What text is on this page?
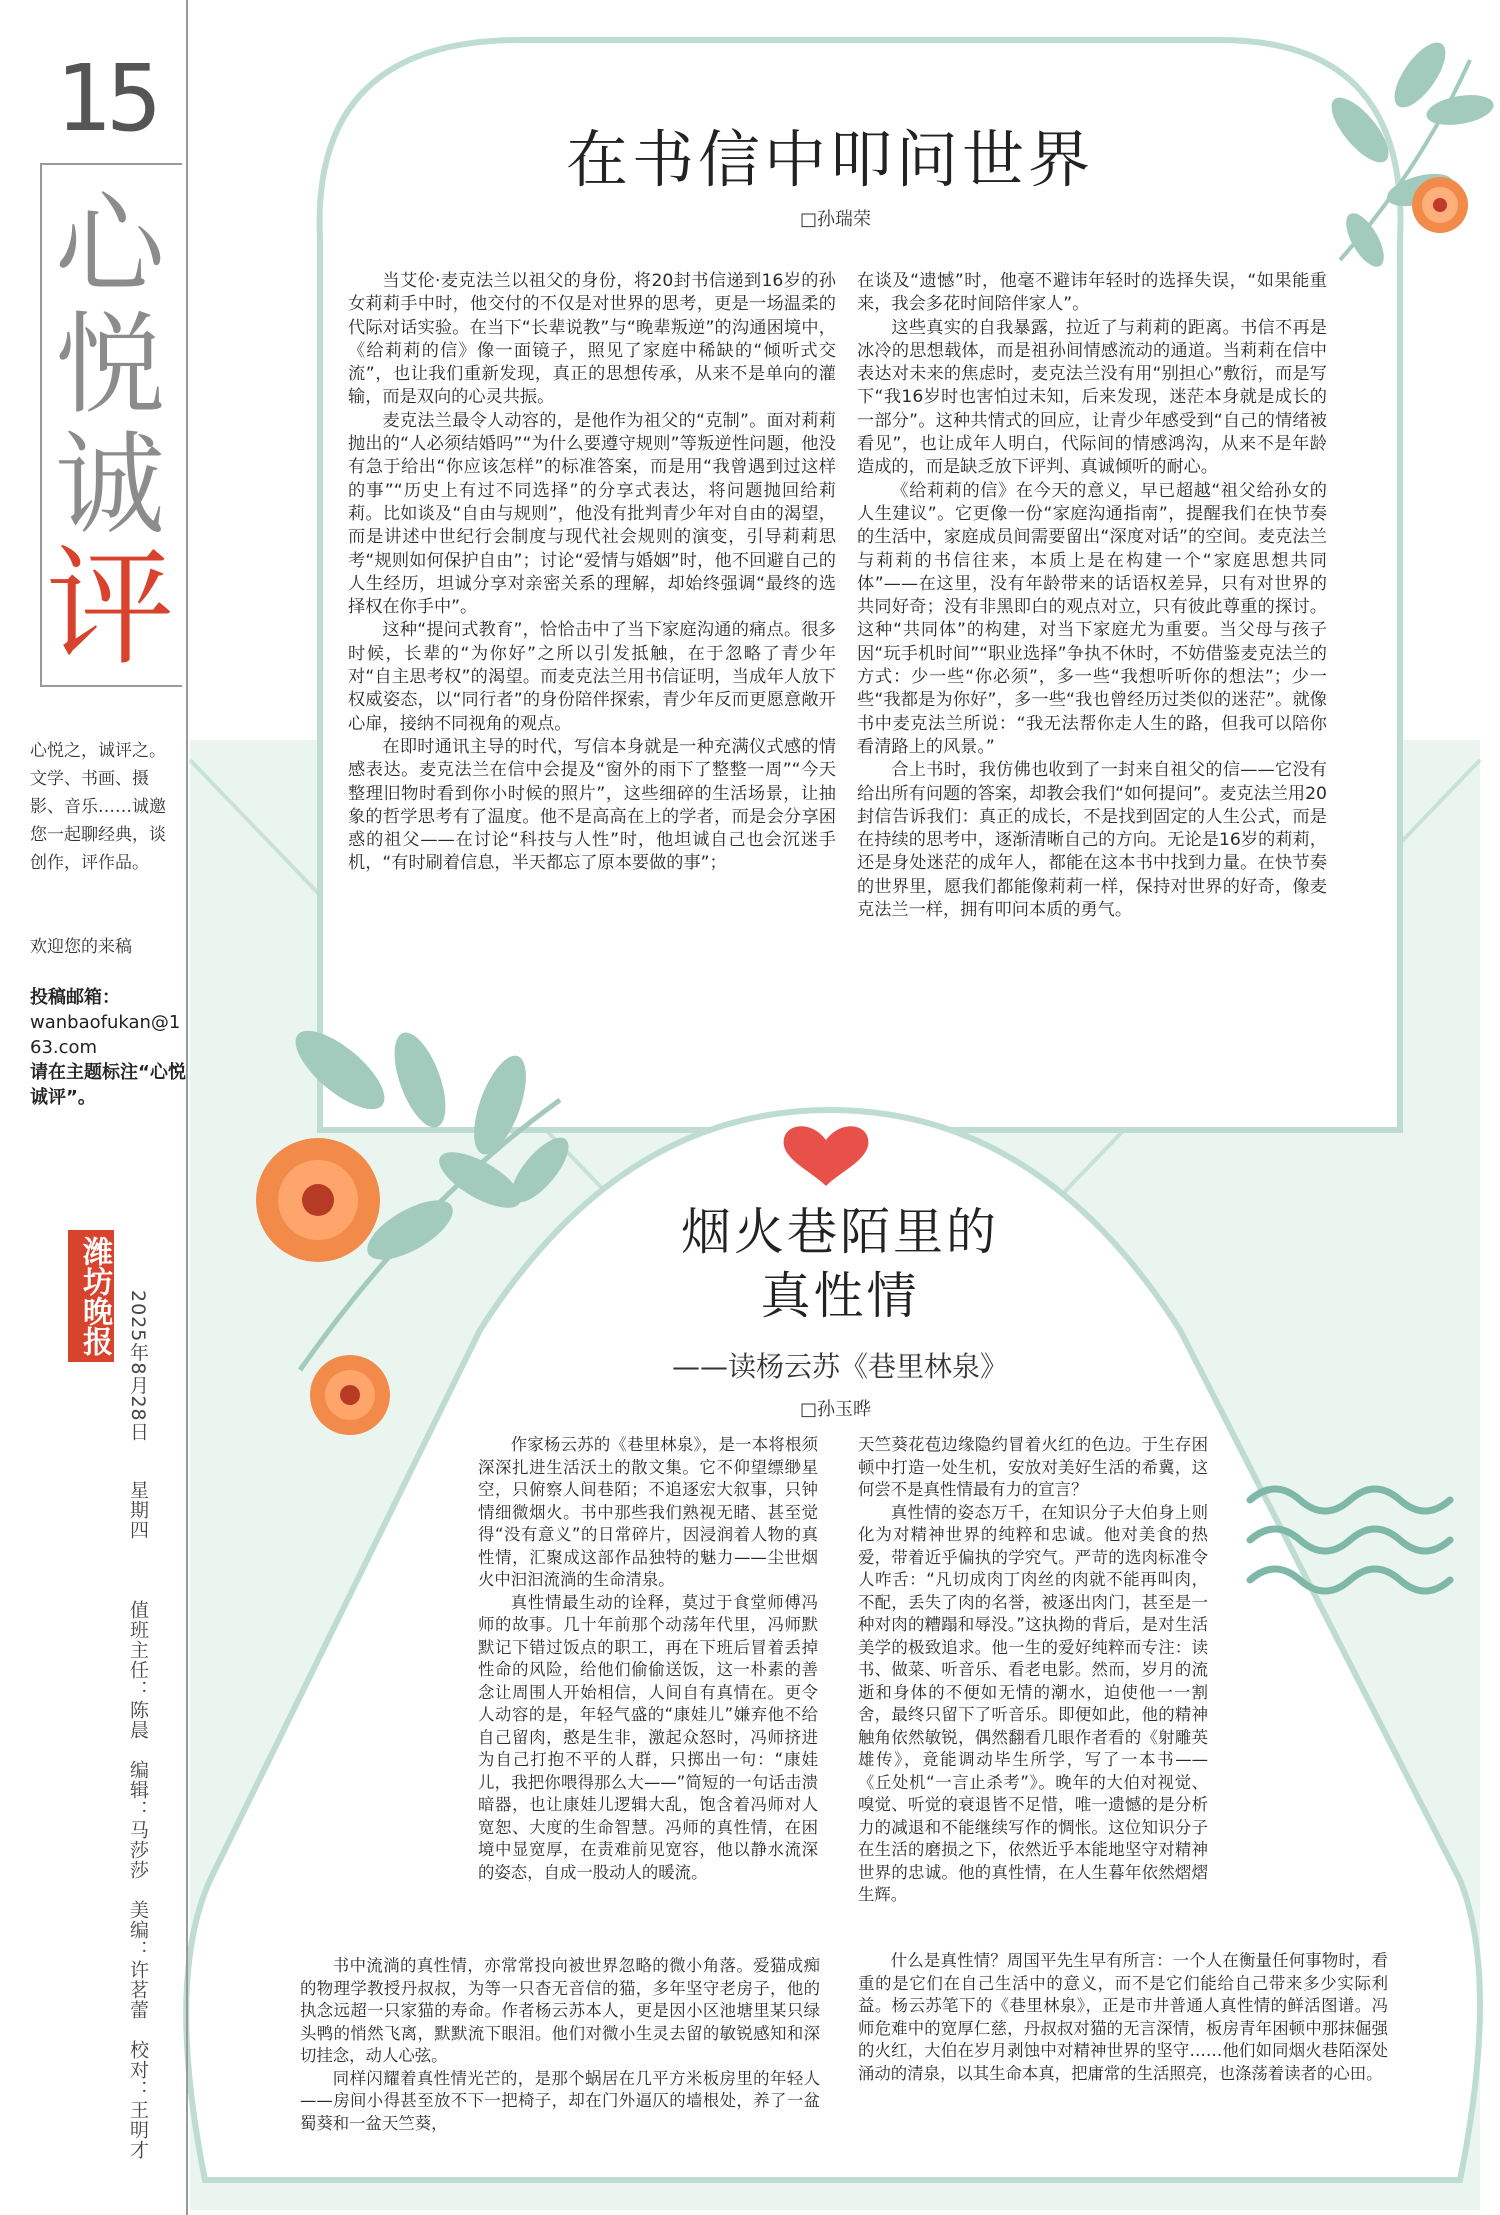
15
心
悦
诚
评
心悦之，诚评之。文学、书画、摄影、音乐……诚邀您一起聊经典，谈创作，评作品。
欢迎您的来稿
投稿邮箱：
wanbaofukan@163.com
请在主题标注“心悦诚评”。
潍坊晚报 2025年8月28日
星期四
值班主任：陈晨　编辑：马莎莎　美编：许茗蕾　校对：王明才
在书信中叩问世界
□孙瑞荣

当艾伦·麦克法兰以祖父的身份，将20封书信递到16岁的孙女莉莉手中时，他交付的不仅是对世界的思考，更是一场温柔的代际对话实验。在当下“长辈说教”与“晚辈叛逆”的沟通困境中，《给莉莉的信》像一面镜子，照见了家庭中稀缺的“倾听式交流”，也让我们重新发现，真正的思想传承，从来不是单向的灌输，而是双向的心灵共振。

麦克法兰最令人动容的，是他作为祖父的“克制”。面对莉莉抛出的“人必须结婚吗”“为什么要遵守规则”等叛逆性问题，他没有急于给出“你应该怎样”的标准答案，而是用“我曾遇到过这样的事”“历史上有过不同选择”的分享式表达，将问题抛回给莉莉。比如谈及“自由与规则”，他没有批判青少年对自由的渴望，而是讲述中世纪行会制度与现代社会规则的演变，引导莉莉思考“规则如何保护自由”；讨论“爱情与婚姻”时，他不回避自己的人生经历，坦诚分享对亲密关系的理解，却始终强调“最终的选择权在你手中”。

这种“提问式教育”，恰恰击中了当下家庭沟通的痛点。很多时候，长辈的“为你好”之所以引发抵触，在于忽略了青少年对“自主思考权”的渴望。而麦克法兰用书信证明，当成年人放下权威姿态，以“同行者”的身份陪伴探索，青少年反而更愿意敞开心扉，接纳不同视角的观点。

在即时通讯主导的时代，写信本身就是一种充满仪式感的情感表达。麦克法兰在信中会提及“窗外的雨下了整整一周”“今天整理旧物时看到你小时候的照片”，这些细碎的生活场景，让抽象的哲学思考有了温度。他不是高高在上的学者，而是会分享困惑的祖父——在讨论“科技与人性”时，他坦诚自己也会沉迷手机，“有时刷着信息，半天都忘了原本要做的事”；

在谈及“遗憾”时，他毫不避讳年轻时的选择失误，“如果能重来，我会多花时间陪伴家人”。

这些真实的自我暴露，拉近了与莉莉的距离。书信不再是冰冷的思想载体，而是祖孙间情感流动的通道。当莉莉在信中表达对未来的焦虑时，麦克法兰没有用“别担心”敷衍，而是写下“我16岁时也害怕过未知，后来发现，迷茫本身就是成长的一部分”。这种共情式的回应，让青少年感受到“自己的情绪被看见”，也让成年人明白，代际间的情感鸿沟，从来不是年龄造成的，而是缺乏放下评判、真诚倾听的耐心。

《给莉莉的信》在今天的意义，早已超越“祖父给孙女的人生建议”。它更像一份“家庭沟通指南”，提醒我们在快节奏的生活中，家庭成员间需要留出“深度对话”的空间。麦克法兰与莉莉的书信往来，本质上是在构建一个“家庭思想共同体”——在这里，没有年龄带来的话语权差异，只有对世界的共同好奇；没有非黑即白的观点对立，只有彼此尊重的探讨。这种“共同体”的构建，对当下家庭尤为重要。当父母与孩子因“玩手机时间”“职业选择”争执不休时，不妨借鉴麦克法兰的方式：少一些“你必须”，多一些“我想听听你的想法”；少一些“我都是为你好”，多一些“我也曾经历过类似的迷茫”。就像书中麦克法兰所说：“我无法帮你走人生的路，但我可以陪你看清路上的风景。”

合上书时，我仿佛也收到了一封来自祖父的信——它没有给出所有问题的答案，却教会我们“如何提问”。麦克法兰用20封信告诉我们：真正的成长，不是找到固定的人生公式，而是在持续的思考中，逐渐清晰自己的方向。无论是16岁的莉莉，还是身处迷茫的成年人，都能在这本书中找到力量。在快节奏的世界里，愿我们都能像莉莉一样，保持对世界的好奇，像麦克法兰一样，拥有叩问本质的勇气。

烟火巷陌里的
真性情
——读杨云苏《巷里林泉》
□孙玉晔

作家杨云苏的《巷里林泉》，是一本将根须深深扎进生活沃土的散文集。它不仰望缥缈星空，只俯察人间巷陌；不追逐宏大叙事，只钟情细微烟火。书中那些我们熟视无睹、甚至觉得“没有意义”的日常碎片，因浸润着人物的真性情，汇聚成这部作品独特的魅力——尘世烟火中汩汩流淌的生命清泉。

真性情最生动的诠释，莫过于食堂师傅冯师的故事。几十年前那个动荡年代里，冯师默默记下错过饭点的职工，再在下班后冒着丢掉性命的风险，给他们偷偷送饭，这一朴素的善念让周围人开始相信，人间自有真情在。更令人动容的是，年轻气盛的“康娃儿”嫌弃他不给自己留肉，憨是生非，激起众怒时，冯师挤进为自己打抱不平的人群，只掷出一句：“康娃儿，我把你喂得那么大——”简短的一句话击溃暗器，也让康娃儿逻辑大乱，饱含着冯师对人宽恕、大度的生命智慧。冯师的真性情，在困境中显宽厚，在责难前见宽容，他以静水流深的姿态，自成一股动人的暖流。

天竺葵花苞边缘隐约冒着火红的色边。于生存困顿中打造一处生机，安放对美好生活的希冀，这何尝不是真性情最有力的宣言？

真性情的姿态万千，在知识分子大伯身上则化为对精神世界的纯粹和忠诚。他对美食的热爱，带着近乎偏执的学究气。严苛的选肉标准令人咋舌：“凡切成肉丁肉丝的肉就不能再叫肉，不配，丢失了肉的名誉，被逐出肉门，甚至是一种对肉的糟蹋和辱没。”这执拗的背后，是对生活美学的极致追求。他一生的爱好纯粹而专注：读书、做菜、听音乐、看老电影。然而，岁月的流逝和身体的不便如无情的潮水，迫使他一一割舍，最终只留下了听音乐。即便如此，他的精神触角依然敏锐，偶然翻看几眼作者看的《射雕英雄传》，竟能调动毕生所学，写了一本书——《丘处机“一言止杀考”》。晚年的大伯对视觉、嗅觉、听觉的衰退皆不足惜，唯一遗憾的是分析力的减退和不能继续写作的惆怅。这位知识分子在生活的磨损之下，依然近乎本能地坚守对精神世界的忠诚。他的真性情，在人生暮年依然熠熠生辉。

书中流淌的真性情，亦常常投向被世界忽略的微小角落。爱猫成痴的物理学教授丹叔叔，为等一只杳无音信的猫，多年坚守老房子，他的执念远超一只家猫的寿命。作者杨云苏本人，更是因小区池塘里某只绿头鸭的悄然飞离，默默流下眼泪。他们对微小生灵去留的敏锐感知和深切挂念，动人心弦。

同样闪耀着真性情光芒的，是那个蜗居在几平方米板房里的年轻人——房间小得甚至放不下一把椅子，却在门外逼仄的墙根处，养了一盆蜀葵和一盆天竺葵，

什么是真性情？周国平先生早有所言：一个人在衡量任何事物时，看重的是它们在自己生活中的意义，而不是它们能给自己带来多少实际利益。杨云苏笔下的《巷里林泉》，正是市井普通人真性情的鲜活图谱。冯师危难中的宽厚仁慈，丹叔叔对猫的无言深情，板房青年困顿中那抹倔强的火红，大伯在岁月剥蚀中对精神世界的坚守……他们如同烟火巷陌深处涌动的清泉，以其生命本真，把庸常的生活照亮，也涤荡着读者的心田。
